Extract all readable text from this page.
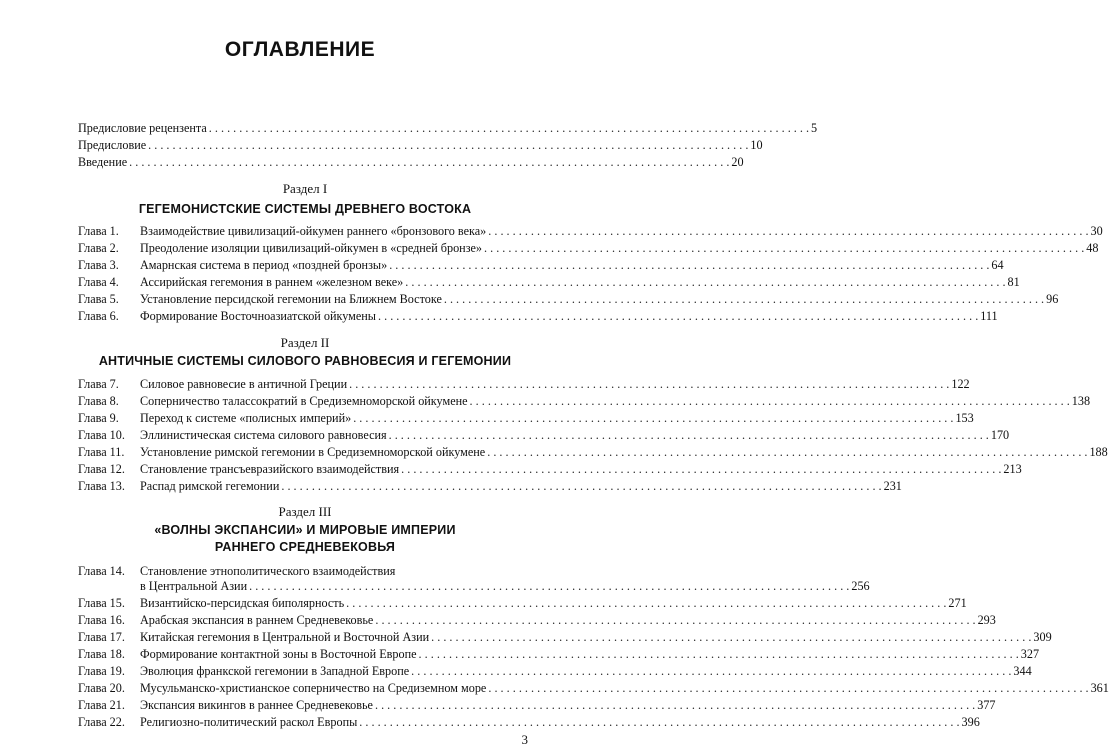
ОГЛАВЛЕНИЕ
Предисловие рецензента . . .	5
Предисловие . . .	10
Введение . . .	20
Раздел I
ГЕГЕМОНИСТСКИЕ СИСТЕМЫ ДРЕВНЕГО ВОСТОКА
Глава 1.	Взаимодействие цивилизаций-ойкумен раннего «бронзового века» . . .	30
Глава 2.	Преодоление изоляции цивилизаций-ойкумен в «средней бронзе» . . .	48
Глава 3.	Амарнская система в период «поздней бронзы» . . .	64
Глава 4.	Ассирийская гегемония в раннем «железном веке» . . .	81
Глава 5.	Установление персидской гегемонии на Ближнем Востоке . . .	96
Глава 6.	Формирование Восточноазиатской ойкумены . . .	111
Раздел II
АНТИЧНЫЕ СИСТЕМЫ СИЛОВОГО РАВНОВЕСИЯ И ГЕГЕМОНИИ
Глава 7.	Силовое равновесие в античной Греции . . .	122
Глава 8.	Соперничество талассократий в Средиземноморской ойкумене . . .	138
Глава 9.	Переход к системе «полисных империй» . . .	153
Глава 10.	Эллинистическая система силового равновесия . . .	170
Глава 11.	Установление римской гегемонии в Средиземноморской ойкумене . . .	188
Глава 12.	Становление трансъевразийского взаимодействия . . .	213
Глава 13.	Распад римской гегемонии . . .	231
Раздел III
«ВОЛНЫ ЭКСПАНСИИ» И МИРОВЫЕ ИМПЕРИИ
РАННЕГО СРЕДНЕВЕКОВЬЯ
Глава 14.	Становление этнополитического взаимодействия
в Центральной Азии . . .	256
Глава 15.	Византийско-персидская биполярность . . .	271
Глава 16.	Арабская экспансия в раннем Средневековье . . .	293
Глава 17.	Китайская гегемония в Центральной и Восточной Азии . . .	309
Глава 18.	Формирование контактной зоны в Восточной Европе . . .	327
Глава 19.	Эволюция франкской гегемонии в Западной Европе . . .	344
Глава 20.	Мусульманско-христианское соперничество на Средиземном море . . .	361
Глава 21.	Экспансия викингов в раннее Средневековье . . .	377
Глава 22.	Религиозно-политический раскол Европы . . .	396
3
